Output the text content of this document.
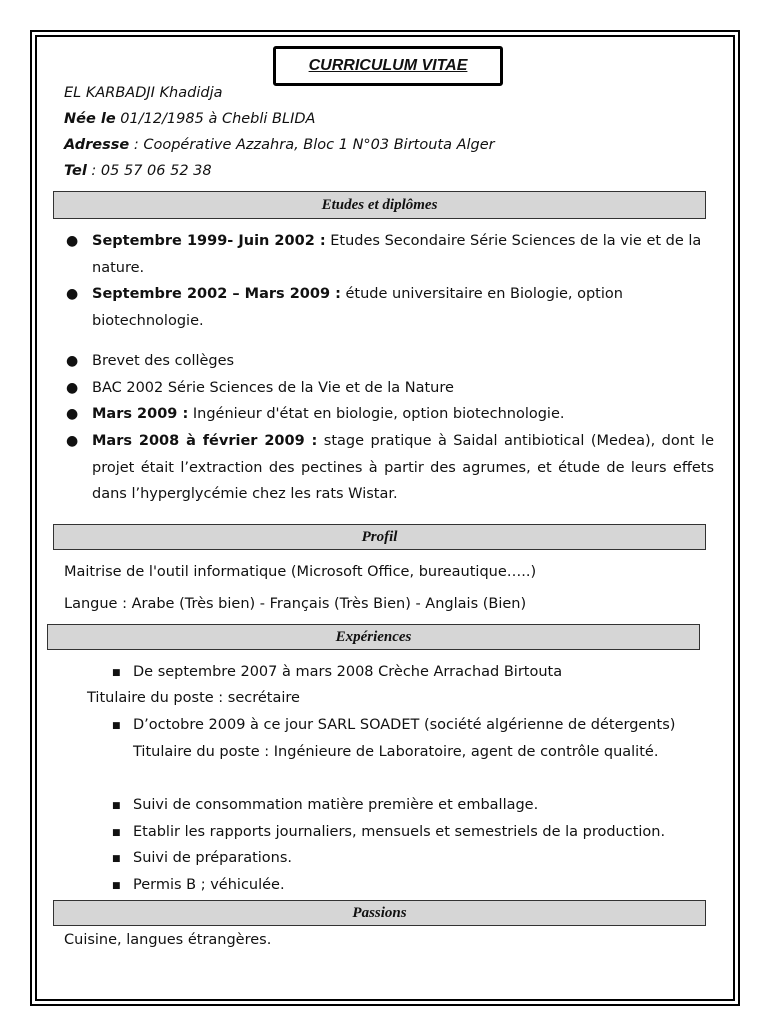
CURRICULUM VITAE
EL KARBADJI Khadidja
Née le 01/12/1985 à Chebli BLIDA
Adresse : Coopérative Azzahra, Bloc 1 N°03 Birtouta Alger
Tel : 05 57 06 52 38
Etudes et diplômes
● Septembre 1999- Juin 2002 : Etudes Secondaire Série Sciences de la vie et de la nature.
● Septembre 2002 – Mars 2009 : étude universitaire en Biologie, option biotechnologie.
● Brevet des collèges
● BAC 2002 Série Sciences de la Vie et de la Nature
● Mars 2009 : Ingénieur d'état en biologie, option biotechnologie.
● Mars 2008 à février 2009 : stage pratique à Saidal antibiotical (Medea), dont le projet était l’extraction des pectines à partir des agrumes, et étude de leurs effets dans l’hyperglycémie chez les rats Wistar.
Profil
Maitrise de l'outil informatique (Microsoft Office, bureautique…..)
Langue : Arabe (Très bien) - Français (Très Bien) - Anglais (Bien)
Expériences
■ De septembre 2007 à mars 2008 Crèche Arrachad Birtouta
Titulaire du poste : secrétaire
■ D’octobre 2009 à ce jour SARL SOADET (société algérienne de détergents) Titulaire du poste : Ingénieure de Laboratoire, agent de contrôle qualité.
■ Suivi de consommation matière première et emballage.
■ Etablir les rapports journaliers, mensuels et semestriels de la production.
■ Suivi de préparations.
■ Permis B ; véhiculée.
Passions
Cuisine, langues étrangères.
